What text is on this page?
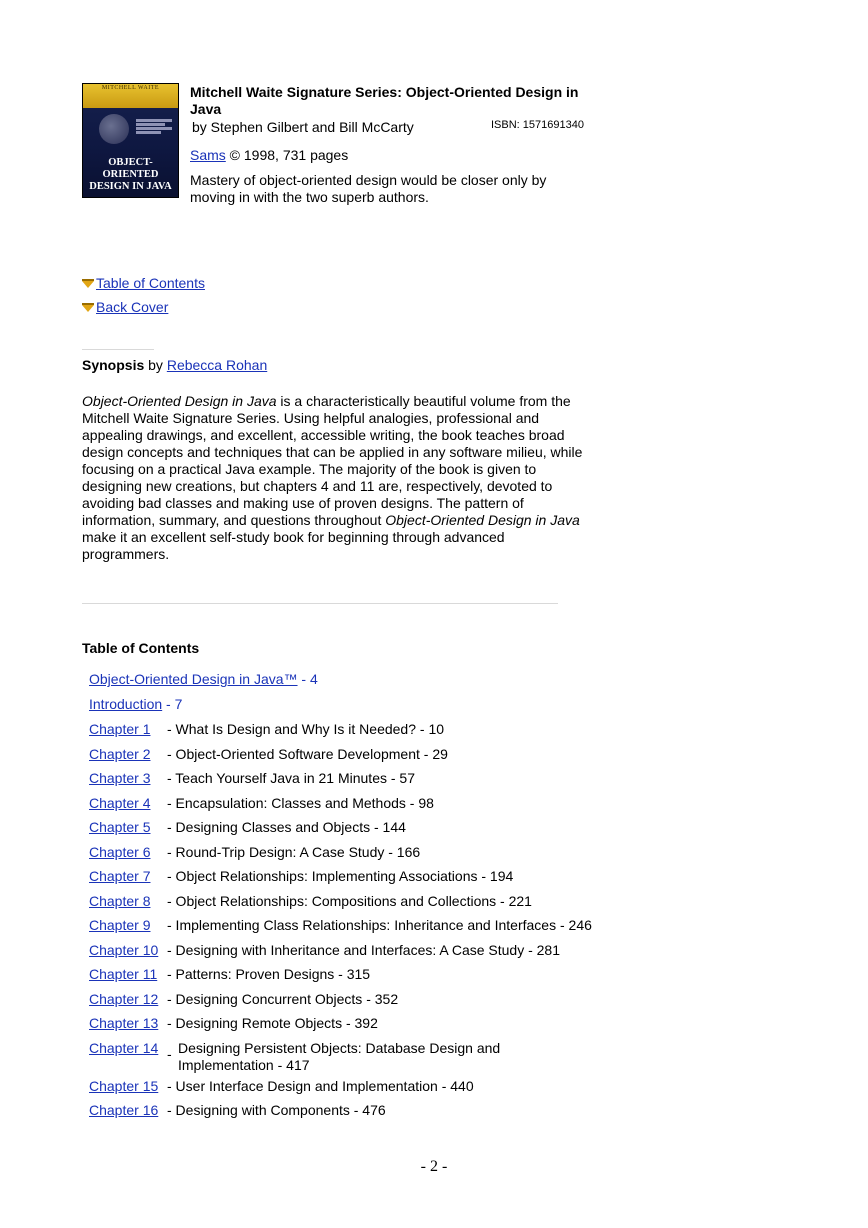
MITCHELL WAITE
OBJECT-ORIENTED DESIGN IN JAVA
Mitchell Waite Signature Series: Object-Oriented Design in Java
by Stephen Gilbert and Bill McCarty	ISBN: 1571691340
Sams © 1998, 731 pages
Mastery of object-oriented design would be closer only by moving in with the two superb authors.
Table of Contents
Back Cover
Synopsis by Rebecca Rohan
Object-Oriented Design in Java is a characteristically beautiful volume from the Mitchell Waite Signature Series. Using helpful analogies, professional and appealing drawings, and excellent, accessible writing, the book teaches broad design concepts and techniques that can be applied in any software milieu, while focusing on a practical Java example. The majority of the book is given to designing new creations, but chapters 4 and 11 are, respectively, devoted to avoiding bad classes and making use of proven designs. The pattern of information, summary, and questions throughout Object-Oriented Design in Java make it an excellent self-study book for beginning through advanced programmers.
Table of Contents
Object-Oriented Design in Java™ - 4
Introduction - 7
Chapter 1 - What Is Design and Why Is it Needed? - 10
Chapter 2 - Object-Oriented Software Development - 29
Chapter 3 - Teach Yourself Java in 21 Minutes - 57
Chapter 4 - Encapsulation: Classes and Methods - 98
Chapter 5 - Designing Classes and Objects - 144
Chapter 6 - Round-Trip Design: A Case Study - 166
Chapter 7 - Object Relationships: Implementing Associations - 194
Chapter 8 - Object Relationships: Compositions and Collections - 221
Chapter 9 - Implementing Class Relationships: Inheritance and Interfaces - 246
Chapter 10 - Designing with Inheritance and Interfaces: A Case Study - 281
Chapter 11 - Patterns: Proven Designs - 315
Chapter 12 - Designing Concurrent Objects - 352
Chapter 13 - Designing Remote Objects - 392
Chapter 14 - Designing Persistent Objects: Database Design and Implementation - 417
Chapter 15 - User Interface Design and Implementation - 440
Chapter 16 - Designing with Components - 476
- 2 -
